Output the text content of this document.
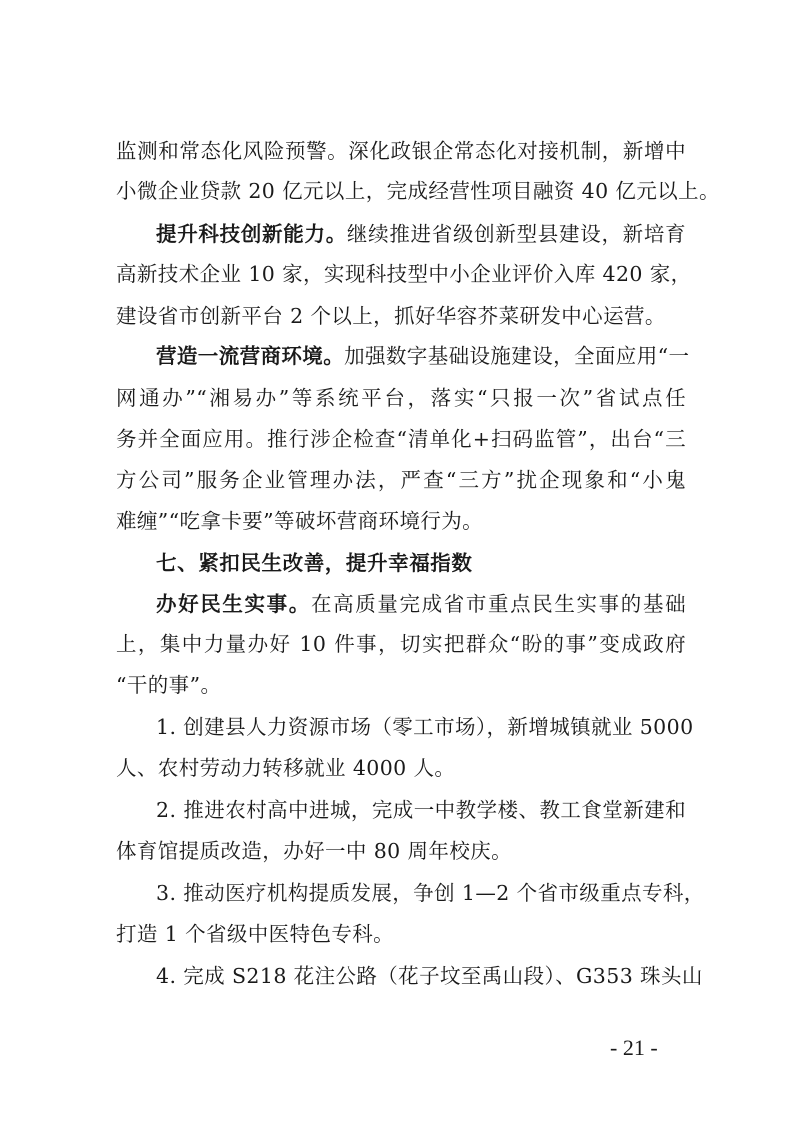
监测和常态化风险预警。深化政银企常态化对接机制，新增中
小微企业贷款 20 亿元以上，完成经营性项目融资 40 亿元以上。
提升科技创新能力。继续推进省级创新型县建设，新培育
高新技术企业 10 家，实现科技型中小企业评价入库 420 家，
建设省市创新平台 2 个以上，抓好华容芥菜研发中心运营。
营造一流营商环境。加强数字基础设施建设，全面应用“一
网通办”“湘易办”等系统平台，落实“只报一次”省试点任
务并全面应用。推行涉企检查“清单化+扫码监管”，出台“三
方公司”服务企业管理办法，严查“三方”扰企现象和“小鬼
难缠”“吃拿卡要”等破坏营商环境行为。
七、紧扣民生改善，提升幸福指数
办好民生实事。在高质量完成省市重点民生实事的基础
上，集中力量办好 10 件事，切实把群众“盼的事”变成政府
“干的事”。
1. 创建县人力资源市场（零工市场），新增城镇就业 5000
人、农村劳动力转移就业 4000 人。
2. 推进农村高中进城，完成一中教学楼、教工食堂新建和
体育馆提质改造，办好一中 80 周年校庆。
3. 推动医疗机构提质发展，争创 1—2 个省市级重点专科，
打造 1 个省级中医特色专科。
4. 完成 S218 花注公路（花子坟至禹山段）、G353 珠头山
- 21 -
